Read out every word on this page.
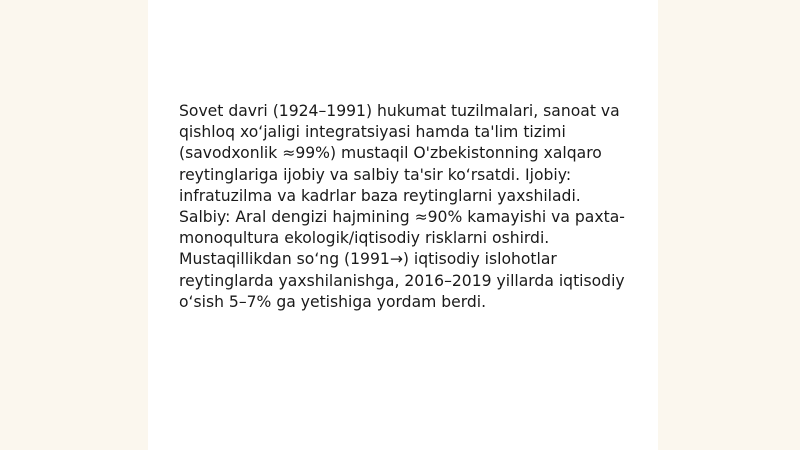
Sovet davri (1924–1991) hukumat tuzilmalari, sanoat va qishloq xo‘jaligi integratsiyasi hamda ta'lim tizimi (savodxonlik ≈99%) mustaqil O'zbekistonning xalqaro reytinglariga ijobiy va salbiy ta'sir ko‘rsatdi. Ijobiy: infratuzilma va kadrlar baza reytinglarni yaxshiladi. Salbiy: Aral dengizi hajmining ≈90% kamayishi va paxta-monoqultura ekologik/iqtisodiy risklarni oshirdi. Mustaqillikdan so‘ng (1991→) iqtisodiy islohotlar reytinglarda yaxshilanishga, 2016–2019 yillarda iqtisodiy o‘sish 5–7% ga yetishiga yordam berdi.
